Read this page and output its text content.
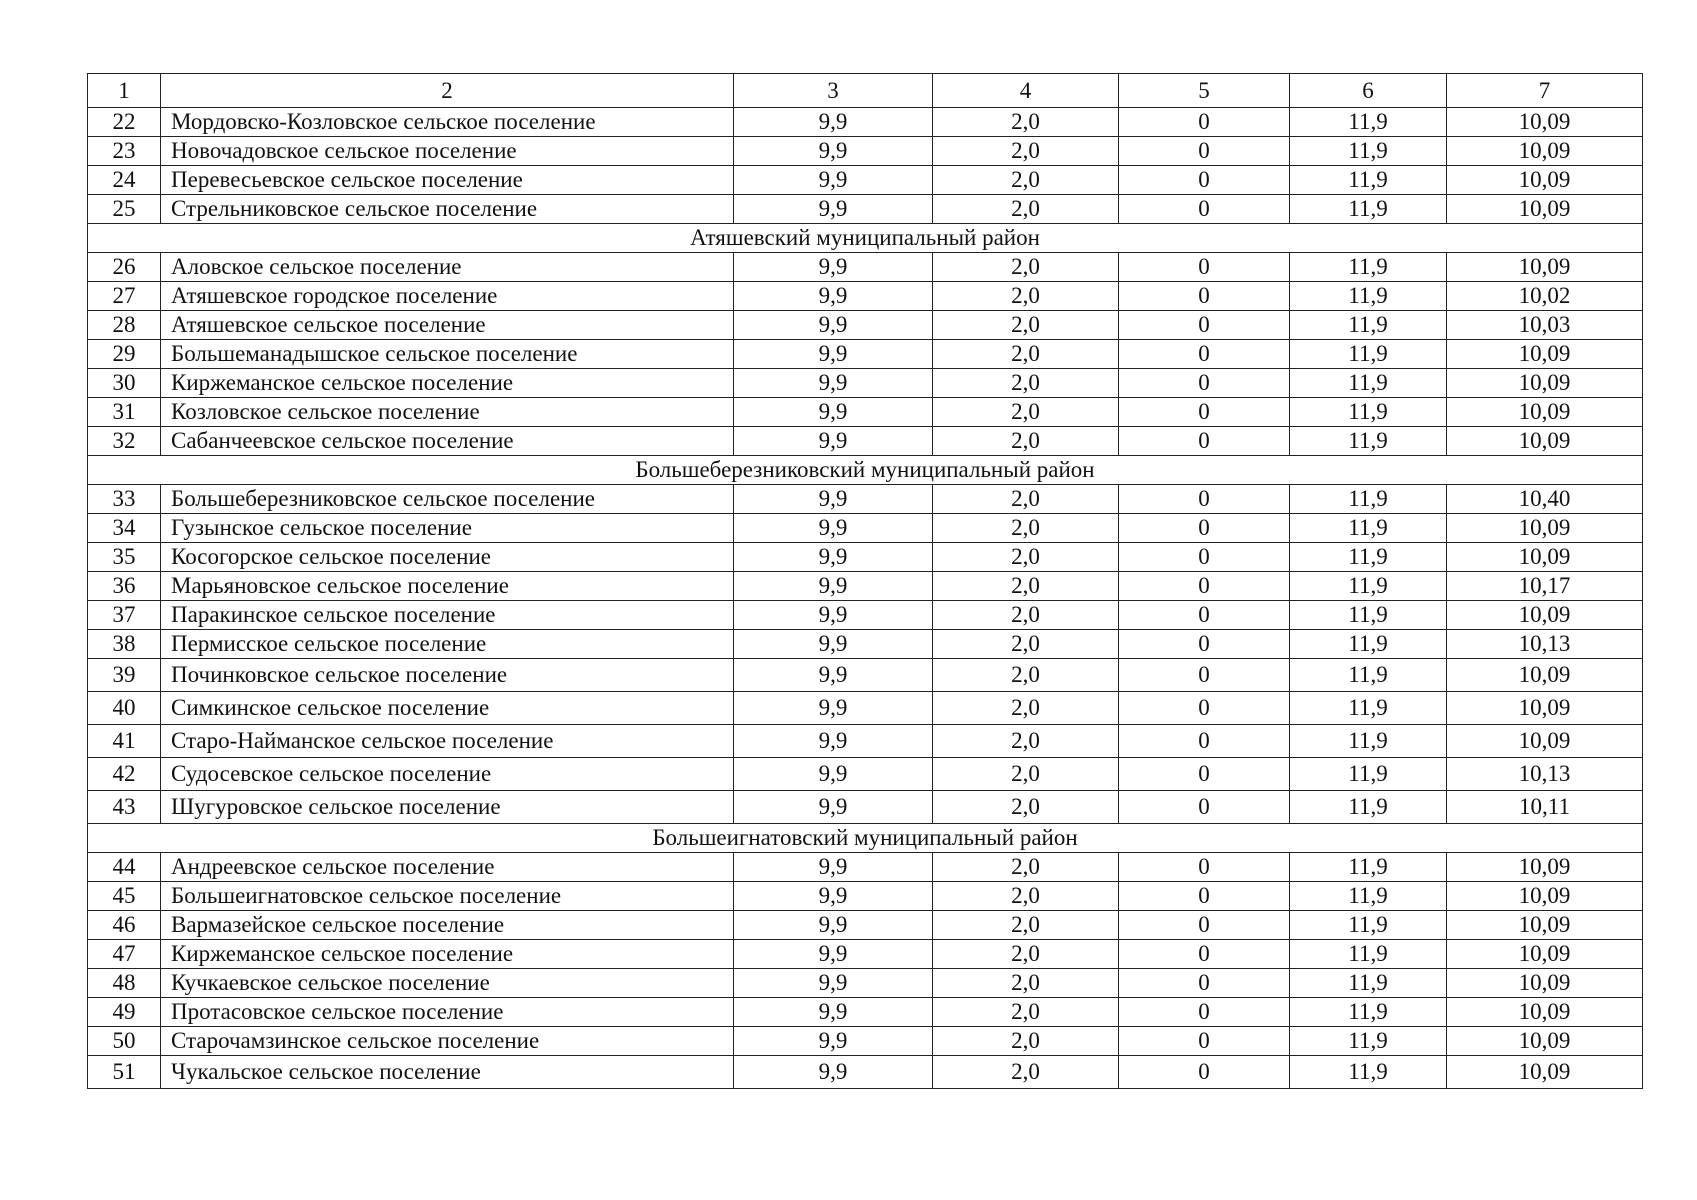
1	2	3	4	5	6	7
22	Мордовско-Козловское сельское поселение	9,9	2,0	0	11,9	10,09
23	Новочадовское сельское поселение	9,9	2,0	0	11,9	10,09
24	Перевесьевское сельское поселение	9,9	2,0	0	11,9	10,09
25	Стрельниковское сельское поселение	9,9	2,0	0	11,9	10,09
Атяшевский муниципальный район						
26	Аловское сельское поселение	9,9	2,0	0	11,9	10,09
27	Атяшевское городское поселение	9,9	2,0	0	11,9	10,02
28	Атяшевское сельское поселение	9,9	2,0	0	11,9	10,03
29	Большеманадышское сельское поселение	9,9	2,0	0	11,9	10,09
30	Киржеманское сельское поселение	9,9	2,0	0	11,9	10,09
31	Козловское сельское поселение	9,9	2,0	0	11,9	10,09
32	Сабанчеевское сельское поселение	9,9	2,0	0	11,9	10,09
Большеберезниковский муниципальный район						
33	Большеберезниковское сельское поселение	9,9	2,0	0	11,9	10,40
34	Гузынское сельское поселение	9,9	2,0	0	11,9	10,09
35	Косогорское сельское поселение	9,9	2,0	0	11,9	10,09
36	Марьяновское сельское поселение	9,9	2,0	0	11,9	10,17
37	Паракинское сельское поселение	9,9	2,0	0	11,9	10,09
38	Пермисское сельское поселение	9,9	2,0	0	11,9	10,13
39	Починковское сельское поселение	9,9	2,0	0	11,9	10,09
40	Симкинское сельское поселение	9,9	2,0	0	11,9	10,09
41	Старо-Найманское сельское поселение	9,9	2,0	0	11,9	10,09
42	Судосевское сельское поселение	9,9	2,0	0	11,9	10,13
43	Шугуровское сельское поселение	9,9	2,0	0	11,9	10,11
Большеигнатовский муниципальный район						
44	Андреевское сельское поселение	9,9	2,0	0	11,9	10,09
45	Большеигнатовское сельское поселение	9,9	2,0	0	11,9	10,09
46	Вармазейское сельское поселение	9,9	2,0	0	11,9	10,09
47	Киржеманское сельское поселение	9,9	2,0	0	11,9	10,09
48	Кучкаевское сельское поселение	9,9	2,0	0	11,9	10,09
49	Протасовское сельское поселение	9,9	2,0	0	11,9	10,09
50	Старочамзинское сельское поселение	9,9	2,0	0	11,9	10,09
51	Чукальское сельское поселение	9,9	2,0	0	11,9	10,09
